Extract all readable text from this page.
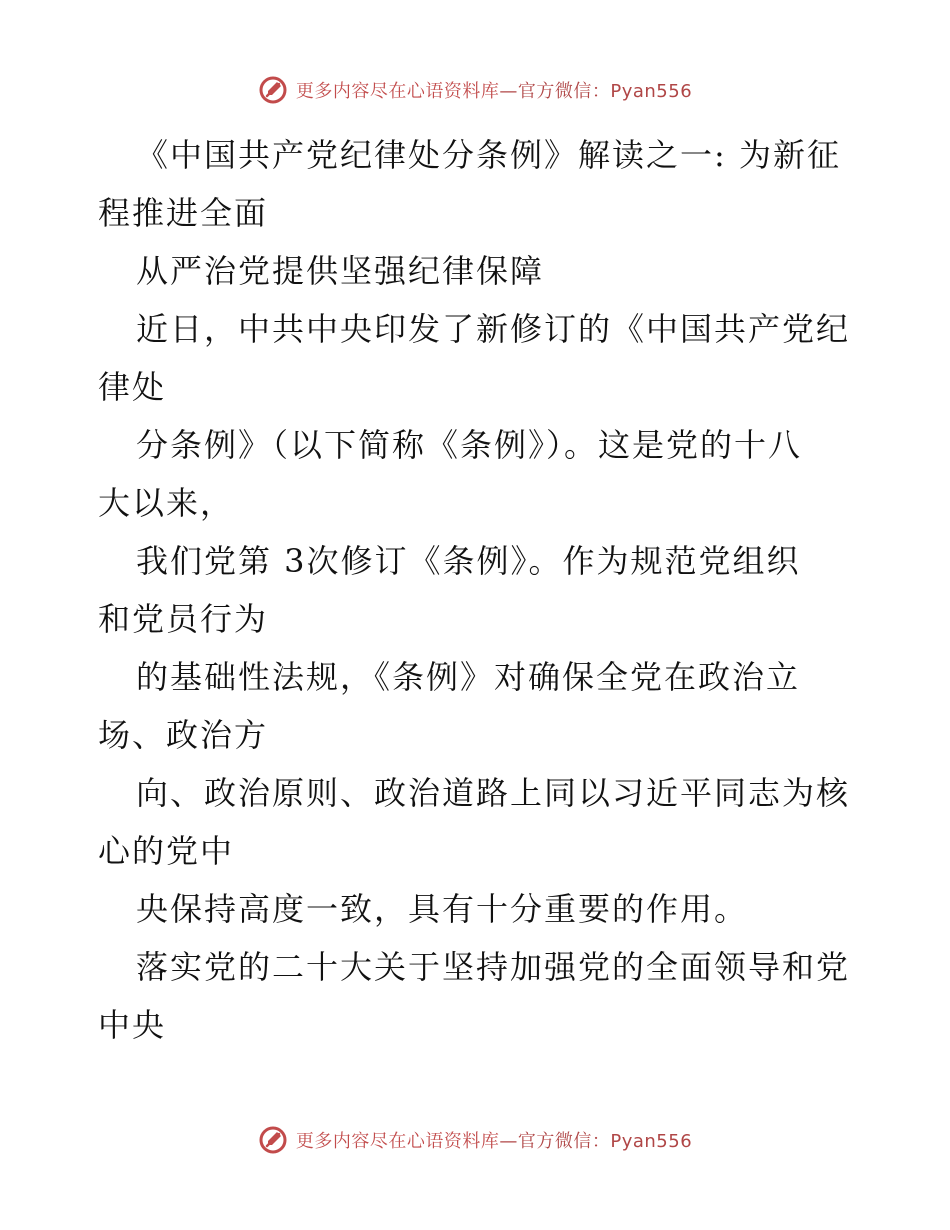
更多内容尽在心语资料库—官方微信：Pyan556
《中国共产党纪律处分条例》解读之一: 为新征
程推进全面
从严治党提供坚强纪律保障
近日，中共中央印发了新修订的《中国共产党纪
律处
分条例》（以下简称《条例》）。这是党的十八
大以来，
我们党第 3次修订《条例》。作为规范党组织
和党员行为
的基础性法规，《条例》对确保全党在政治立
场、政治方
向、政治原则、政治道路上同以习近平同志为核
心的党中
央保持高度一致，具有十分重要的作用。
落实党的二十大关于坚持加强党的全面领导和党
中央
更多内容尽在心语资料库—官方微信：Pyan556
